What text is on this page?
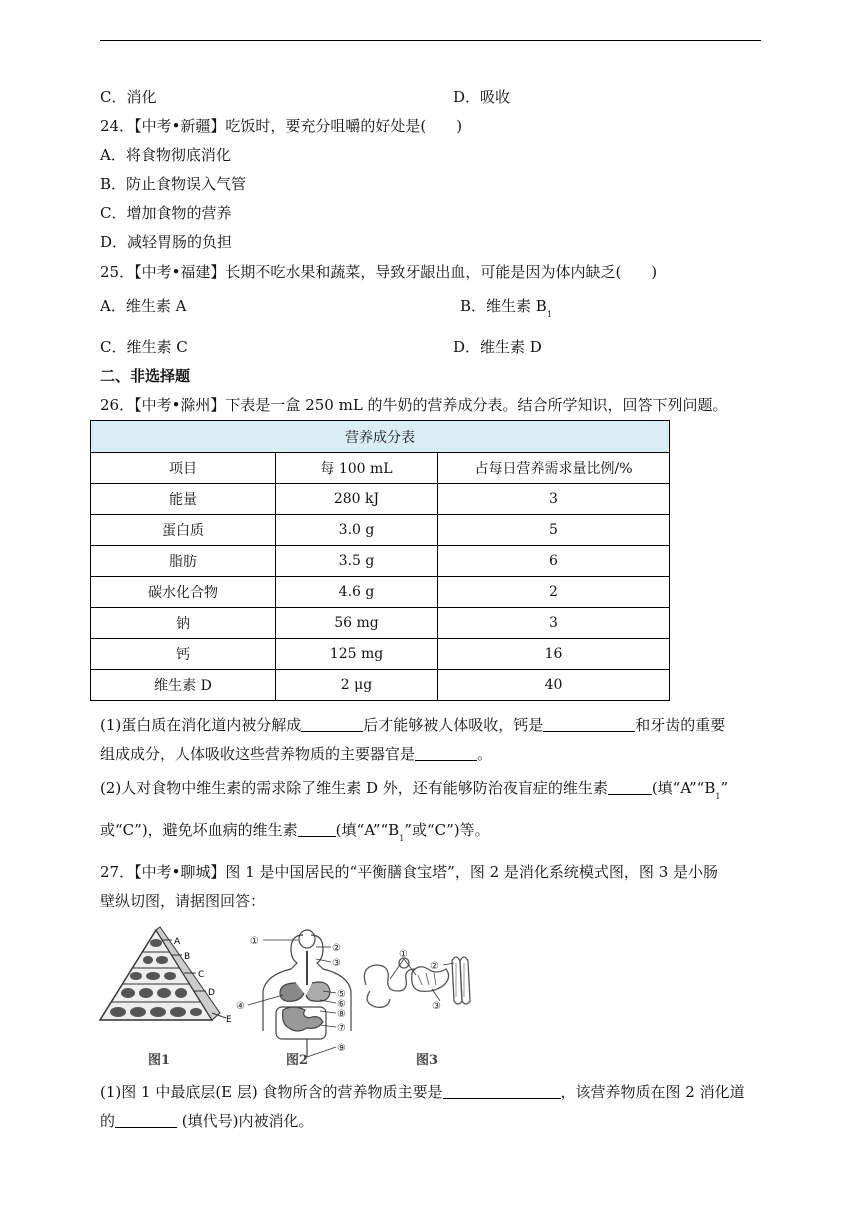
C．消化	D．吸收
24．【中考•新疆】吃饭时，要充分咀嚼的好处是(　　)
A．将食物彻底消化
B．防止食物误入气管
C．增加食物的营养
D．减轻胃肠的负担
25．【中考•福建】长期不吃水果和蔬菜，导致牙龈出血，可能是因为体内缺乏(　　)
A．维生素 A	B．维生素 $B_1$
C．维生素 C	D．维生素 D
二、非选择题
26．【中考•滁州】下表是一盒 250 mL 的牛奶的营养成分表。结合所学知识，回答下列问题。
营养成分表		
项目	每 100 mL	占每日营养需求量比例/%
能量	280 kJ	3
蛋白质	3.0 g	5
脂肪	3.5 g	6
碳水化合物	4.6 g	2
钠	56 mg	3
钙	125 mg	16
维生素 D	2 μg	40
(1)蛋白质在消化道内被分解成	后才能够被人体吸收，钙是	和牙齿的重要
组成成分，人体吸收这些营养物质的主要器官是	。
(2)人对食物中维生素的需求除了维生素 D 外，还有能够防治夜盲症的维生素	(填“$A”“B_1$”
或“C”)，避免坏血病的维生素	(填“$A”“B_1$”或“C”)等。
27．【中考•聊城】图 1 是中国居民的“平衡膳食宝塔”，图 2 是消化系统模式图，图 3 是小肠
壁纵切图，请据图回答：
A
B
C
D
E
①
②
③
④
⑤
⑥
⑧
⑦
⑨
①
②
③
图1	图2	图3
(1)图 1 中最底层(E 层) 食物所含的营养物质主要是	，该营养物质在图 2 消化道
的	(填代号)内被消化。
